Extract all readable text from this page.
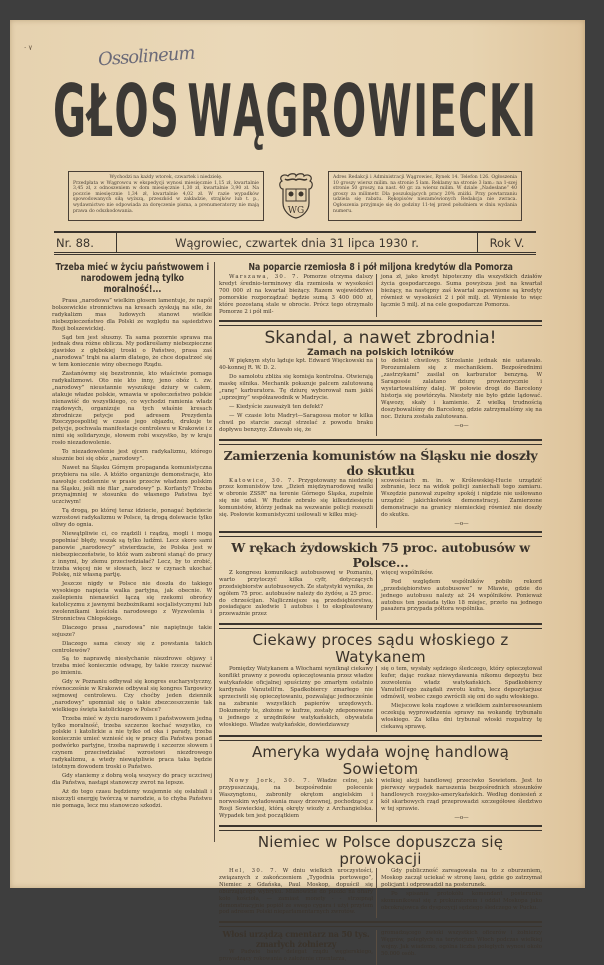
· ٧	Ossolineum
G Ł O S W Ą G R O W I E C K I
Wychodzi na każdy wtorek, czwartek i niedzielę.
Przedpłata w Wągrowcu w ekspedycji wynosi miesięcznie 1,15 zł, kwartalnie 3,45 zł, z odnoszeniem w dom miesięcznie 1,30 zł, kwartalnie 3,90 zł. Na poczcie miesięcznie 1,34 zł, kwartalnie 4,02 zł. W razie wypadków spowodowanych siłą wyższą, przeszkód w zakładzie, strajków lub t. p., wydawnictwo nie odpowiada za doręczenie pisma, a prenumeratorzy nie mają prawa do odszkodowania.	WG
Adres Redakcji i Administracji Wągrowiec, Rynek 14. Telefon 126. Ogłoszenia 10 groszy wiersz milim. na stronie 5 łam. Reklamy na stronie 3 łam.: na 1-szej stronie 50 groszy, na nast. 40 gr. za wiersz milim. W dziale „Nadesłane” 40 groszy za milimetr. Dla poszukujących pracy 20% zniżki. Przy powtarzaniu udziela się rabatu. Rękopisów niezamówionych Redakcja nie zwraca. Ogłoszenia przyjmuje się do godziny 11-tej przed południem w dniu wydania numeru.
Nr. 88.	Wągrowiec, czwartek dnia 31 lipca 1930 r.	Rok V.
Trzeba mieć w życiu państwowem i narodowem jedną tylko moralność!...

Prasa „narodowa” wielkim głosem lamentuje, że napół bolszewickie stronnictwa na kresach zyskują na sile, że radykalizm mas ludowych stanowi wielkie niebezpieczeństwo dla Polski ze względu na sąsiedztwo Rosji bolszewickiej.

Sąd ten jest słuszny. Ta sama pozornie sprawa ma jednak dwa różne oblicza. My podkreślamy niebezpieczne zjawisko z głębokiej troski o Państwo, prasa zaś „narodowa” trąbi na alarm dlatego, że chce dopatrzeć się w tem koniecznie winy obecnego Rządu.

Zastanówmy się bezstronnie, kto właściwie pomaga radykalizmowi. Oto nie kto inny, jeno obóz t. zw. „narodowy” nieustannie wyszukuje dziury w całem, atakuje władze polskie, wmawia w społeczeństwo polskie nienawiść do wszystkiego, co wychodzi ramienia władz rządowych, organizuje na tych właśnie kresach zbrodnicze petycje pod adresem Prezydenta Rzeczypospolitej w czasie jego objazdu, drukuje te petycje, pochwala manifestacje centrolewu w Krakowie i z nimi się solidaryzuje, słowem robi wszystko, by w kraju rosło niezadowolenie.

To niezadowolenie jest ojcem radykalizmu, którego słusznie boi się obóz „narodowy”.

Nawet na Śląsku Górnym propaganda komunistyczna przybiera na sile. A któżto organizuje demonstracje, kto nawołuje codziennie w prasie przeciw władzom polskim na Śląsku, jeśli nie filar „narodowy” p. Korfanty? Trzeba przynajmniej w stosunku do własnego Państwa być uczciwym!

Tą drogą, po której teraz idziecie, ponagać będziecie wzrostowi radykalizmu w Polsce, tą drogą dolewacie tylko oliwy do ognia.

Niewątpliwie ci, co rządzili i rządzą, mogli i mogą popełniać błędy, wszak są tylko ludźmi. Lecz skoro sami panowie „narodowcy” stwierdzacie, że Polska jest w niebezpieczeństwie, to któż wam zabroni stanąć do pracy z innymi, by złemu przeciwdziałać? Lecz, by to zrobić, trzeba więcej nie w słowach, lecz w czynach ukochać Polskę, niż własną partję.

Jeszcze nigdy w Polsce nie doszła do takiego wysokiego napięcia walka partyjna, jak obecnie. W zaślepieniu nienawiści łączą się rzekomi obrońcy katolicyzmu z jawnymi bezbożnikami socjalistycznymi lub zwolennikami kościoła narodowego z Wyzwolenia i Stronnictwa Chłopskiego.

Dlaczego prasa „narodowa” nie napiętnuje takie sojusze?

Dlaczego sama cieszy się z powstania takich centrolewów?

Są to naprawdę niesłychanie niezdrowe objawy i trzeba mieć koniecznie odwagę, by takie rzeczy nazwać po imieniu.

Gdy w Poznaniu odbywał się kongres eucharystyczny, równocześnie w Krakowie odbywał się kongres Targowicy sejmowej centrolewu. Czy choćby jeden dziennik „narodowy” upomniał się o takie zbezczeszczenie tak wielkiego święta katolickiego w Polsce?

Trzeba mieć w życiu narodowem i państwowem jedną tylko moralność, trzeba szczerze kochać wszystko, co polskie i katolickie a nie tylko od oka i parady, trzeba koniecznie umieć wznieść się w pracy dla Państwa ponad podwórko partyjne, trzeba naprawdę i szczerze słowem i czynem przeciwdziałać wzrostowi niezdrowego radykalizmu, a wtedy niewątpliwie praca taka będzie istotnym dowodem troski o Państwo.

Gdy staniemy z dobrą wolą wszyscy do pracy uczciwej dla Państwa, nastąpi stanowczy zwrot na lepsze.

Aż do tego czasu będziemy wzajemnie się osłabiali i niszczyli energję twórczą w narodzie, a to chyba Państwu nie pomaga, lecz mu stanowczo szkodzi.

Na poparcie rzemiosła 8 i pół miljona kredytów dla Pomorza

Warszawa, 30. 7. Pomorze otrzyma dalszy kredyt średnio-terminowy dla rzemiosła w wysokości 700 000 zł na kwartał bieżący. Razem województwo pomorskie rozporządzać będzie sumą 3 400 000 zł, które pozostaną stale w obrocie. Prócz tego otrzymało Pomorze 2 i pół mil-

jona zł, jako kredyt hipoteczny dla wszystkich działów życia gospodarczego. Suma powyższa jest na kwartał bieżący, na następny zaś kwartał zapewnione są kredyty również w wysokości 2 i pół milj. zł. Wyniesie to więc łącznie 5 milj. zł na cele gospodarcze Pomorza.

Skandal, a nawet zbrodnia!
Zamach na polskich lotników

W pięknym stylu ląduje kpt. Edward Więckowski na 40-konnej R. W. D. 2.

Do samolotu zbliża się komisja kontrolna. Otwierają maskę silnika. Mechanik pokazuje palcem zalutowaną „ranę” karburatora. Tę dziurę wyborował nam jakiś „uprzejmy” współzawodnik w Madrycie.

— Kiedyście zauważyli ten defekt?

— W czasie lotu Madryt—Saragossa motor w kilka chwil po starcie zaczął strzelać z powodu braku dopływu benzyny. Zdawało się, że

to defekt chwilowy. Strzelanie jednak nie ustawało. Porozumiałem się z mechanikiem. Bezpośrednimi „zastrzykami” zasilał on karburator benzyną. W Saragossie zalatano dziurę prowizorycznie i wystartowaliśmy dalej. W połowie drogi do Barcelony historja się powtórzyła. Niestety nie było gdzie lądować. Wąwozy, skały i kamienie. Z wielką trudnością doszybowaliśmy do Barcelony, gdzie zatrzymaliśmy się na noc. Dziura została zalutowana.

—o—
Zamierzenia komunistów na Śląsku nie doszły do skutku

Katowice, 30. 7. Przygotowany na niedzielę przez komunistów tzw. „Dzień międzynarodowej walki w obronie ZSSR” na terenie Górnego Śląska, zupełnie się nie udał. W Rudzie zebrało się kilkudziesięciu komunistów, którzy jednak na wezwanie policji rozeszli się. Posłowie komunistyczni usiłowali w kilku miej-

scowościach m. in. w Królewskiej-Hucie urządzić zebranie, lecz na widok policji zaniechali tego zamiaru. Wszędzie panował zupełny spokój i nigdzie nie usiłowano urządzić jakichkolwiek demonstracyj. Zamierzone demonstracje na granicy niemieckiej również nie doszły do skutku.

—o—
W rękach żydowskich 75 proc. autobusów w Polsce...

Z kongresu komunikacji autobusowej w Poznaniu, warto przytoczyć kilka cyfr, dotyczących przedsiębiorstw autobusowych. Ze statystyki wynika, że ogółem 75 proc. autobusów należy do żydów, a 25 proc. do chrześcijan. Najliczniejsze są przedsiębiorstwa, posiadające zaledwie 1 autobus i to eksploatowany przeważnie przez

więcej wspólników.

Pod względem wspólników pobiło rekord „przedsiębiorstwo autobusowe” w Mławie, gdzie do jednego autobusu należy aż 24 wspólników. Ponieważ autobus ten posiada tylko 18 miejsc, przeto na jednego pasażera przypada półtora wspólnika.

Ciekawy proces sądu włoskiego z Watykanem

Pomiędzy Watykanem a Włochami wyniknął ciekawy konflikt prawny z powodu opieczętowania przez władze watykańskie oficjalnej spuścizny po zmarłym ostatnio kardynale Vanutelli'm. Spadkobiercy zmarłego nie sprzeciwili się opieczętowaniu, pozwalając jednocześnie na zabranie wszystkich papierów urzędowych. Dokumenty te, złożone w kufrze, zostały zdeponowane u jednego z urzędników watykańskich, obywatela włoskiego. Władze watykańskie, dowiedziawszy

się o tem, wysłały sędziego śledczego, który opieczętował kufer, dając rozkaz niewydawania nikomu depozytu bez zezwolenia władz watykańskich. Spadkobiercy Vanutelli'ego zażądali zwrotu kufra, lecz depozytarjusz odmówił, wobec czego zwrócili się oni do sądu włoskiego.

Miejscowe koła rządowe z wielkiem zainteresowaniem oczekują wyprowadzenia sprawy na wokandę trybunału włoskiego. Za kilka dni trybunał włoski rozpatrzy tę ciekawą sprawę.

Ameryka wydała wojnę handlową Sowietom

Nowy Jork, 30. 7. Władze celne, jak przypuszczają, na bezpośrednie polecenie Waszyngtonu, zabroniły okrętom angielskim i norweskim wyładowania masy drzewnej, pochodzącej z Rosji Sowieckiej, którą okręty wiozły z Archangielska. Wypadek ten jest początkiem

wielkiej akcji handlowej przeciwko Sowietom. Jest to pierwszy wypadek naruszenia bezpośrednich stosunków handlowych rosyjsko-amerykańskich. Według doniesień z kół skarbowych rząd przeprowadzi szczegółowe śledztwo w tej sprawie.

—o—
Niemiec w Polsce dopuszcza się prowokacji

Hel, 30. 7. W dniu wielkich uroczystości, związanych z zakończeniem „Tygodnia portowego”, Niemiec z Gdańska, Paul Moskop, dopuścił się oburzającego wybryku. Mianowicie do puszki na ofiary koło kościoła, — zamiast monety - - strzepnął demonstracyjnie popiół ze swego cygara i użył przytem pod adresem Polski nieparlamentarnych zwrotów.

Gdy publiczność zareagowała na to z oburzeniem, Moskop zaczął uciekać w stronę lasu, gdzie go zatrzymał policjant i odprowadził na posterunek.

Po spisaniu protokółu komendant posterunku skomunikował się z prokuratorem i oddał Moskopa jako obcokrajowca do dyspozycji sędziego śledczego w Pucku.

Włosi urządzą cmentarz na 50 tys. zmarłych żołnierzy

W Padwie bawi delegat rządu węgierskiego, prowadzący rokowania o założenie cmentarza,

gromadzącego zwłoki wszystkich oficerów i żołnierzy Węgrów, poległych na terytorjum Włoch podczas wielkiej wojny. Jak wiadomo, ogólna liczba poległych wynosi około 50.000 osób.
